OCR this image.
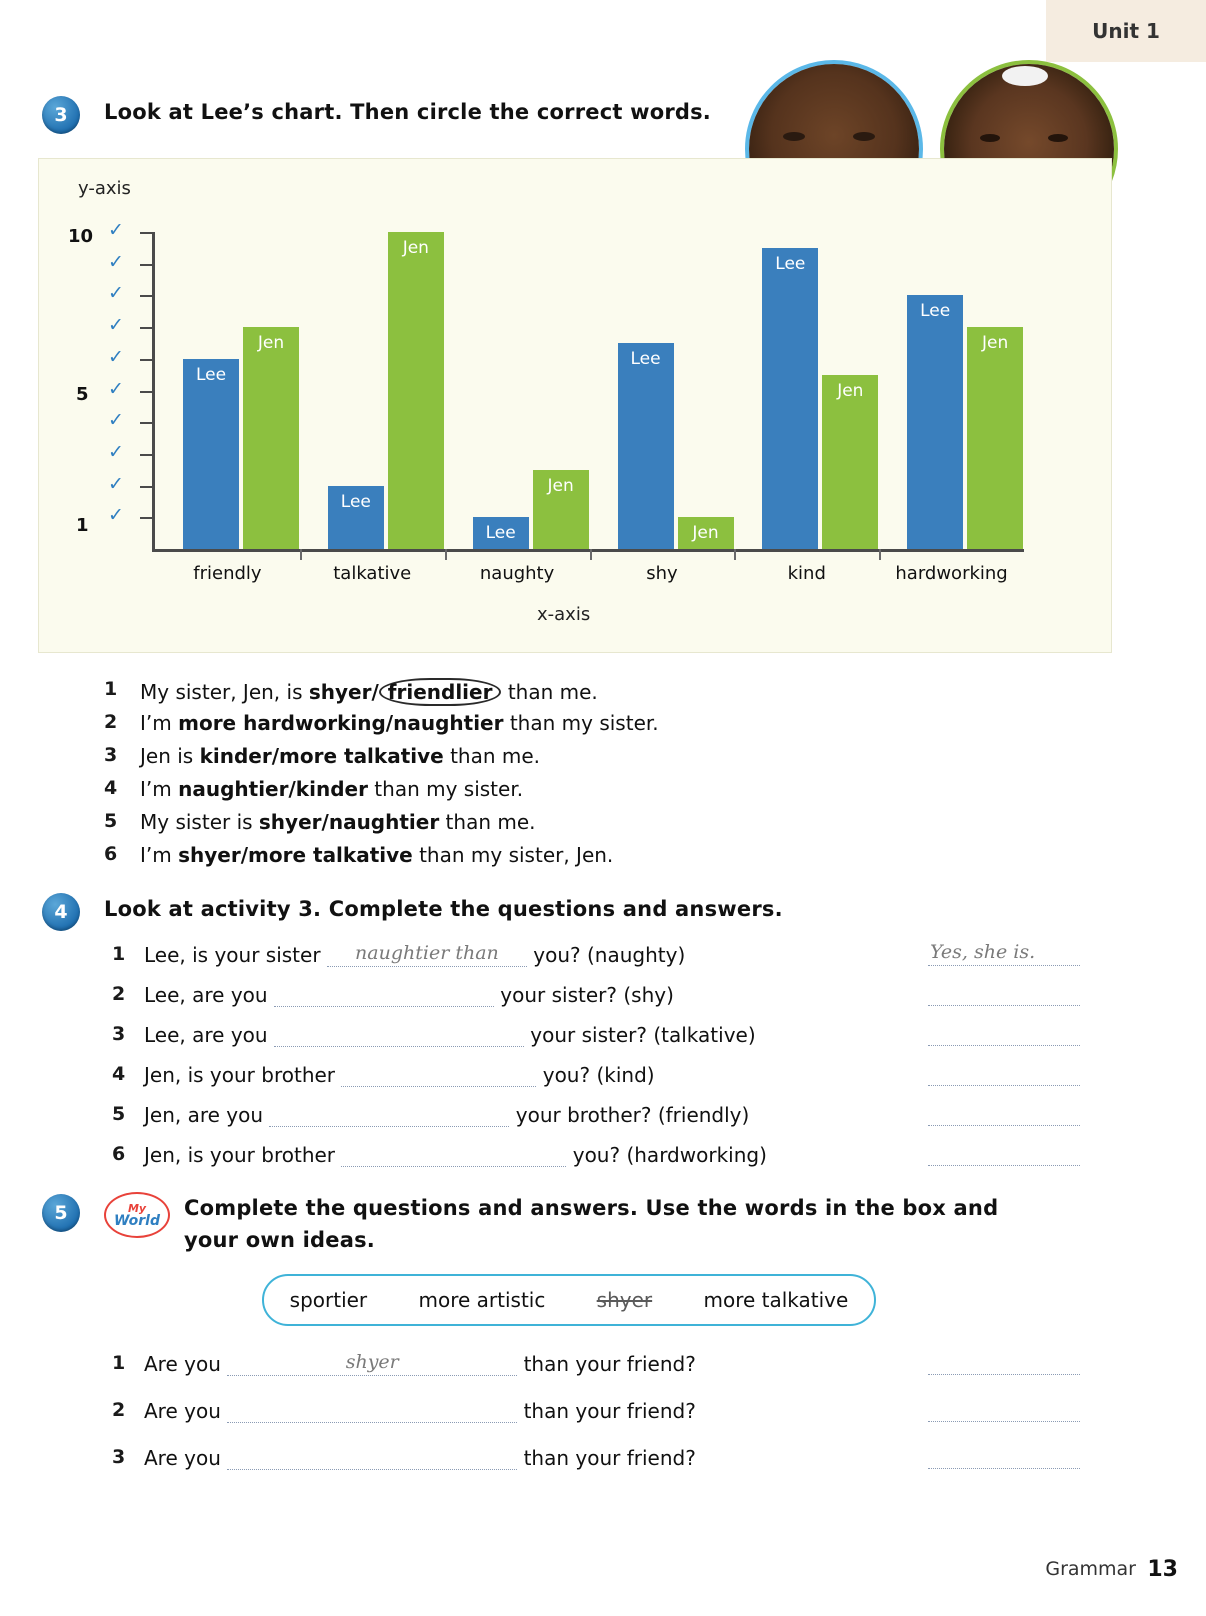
Unit 1
3 Look at Lee’s chart. Then circle the correct words.
y-axis
x-axis
10
5
1 ✓
✓
✓
✓
✓
✓
✓
✓
✓
✓
Lee
Jen
Lee
Jen
Lee
Jen
Lee
Jen
Lee
Jen
Lee
Jen
friendly	talkative	naughty	shy	kind	hardworking
1 My sister, Jen, is shyer/ friendlier than me.
2 I’m more hardworking/naughtier than my sister.
3 Jen is kinder/more talkative than me.
4 I’m naughtier/kinder than my sister.
5 My sister is shyer/naughtier than me.
6 I’m shyer/more talkative than my sister, Jen.
4 Look at activity 3. Complete the questions and answers.
1 Lee, is your sister	naughtier than	you? (naughty)	Yes, she is.
2 Lee, are you	your sister? (shy)
3 Lee, are you	your sister? (talkative)
4 Jen, is your brother	you? (kind)
5 Jen, are you	your brother? (friendly)
6 Jen, is your brother	you? (hardworking)
5	My
World
Complete the questions and answers. Use the words in the box and
your own ideas.
sportier	more artistic	shyer	more talkative
1 Are you	shyer	than your friend?
2 Are you	than your friend?
3 Are you	than your friend?
Grammar 13
